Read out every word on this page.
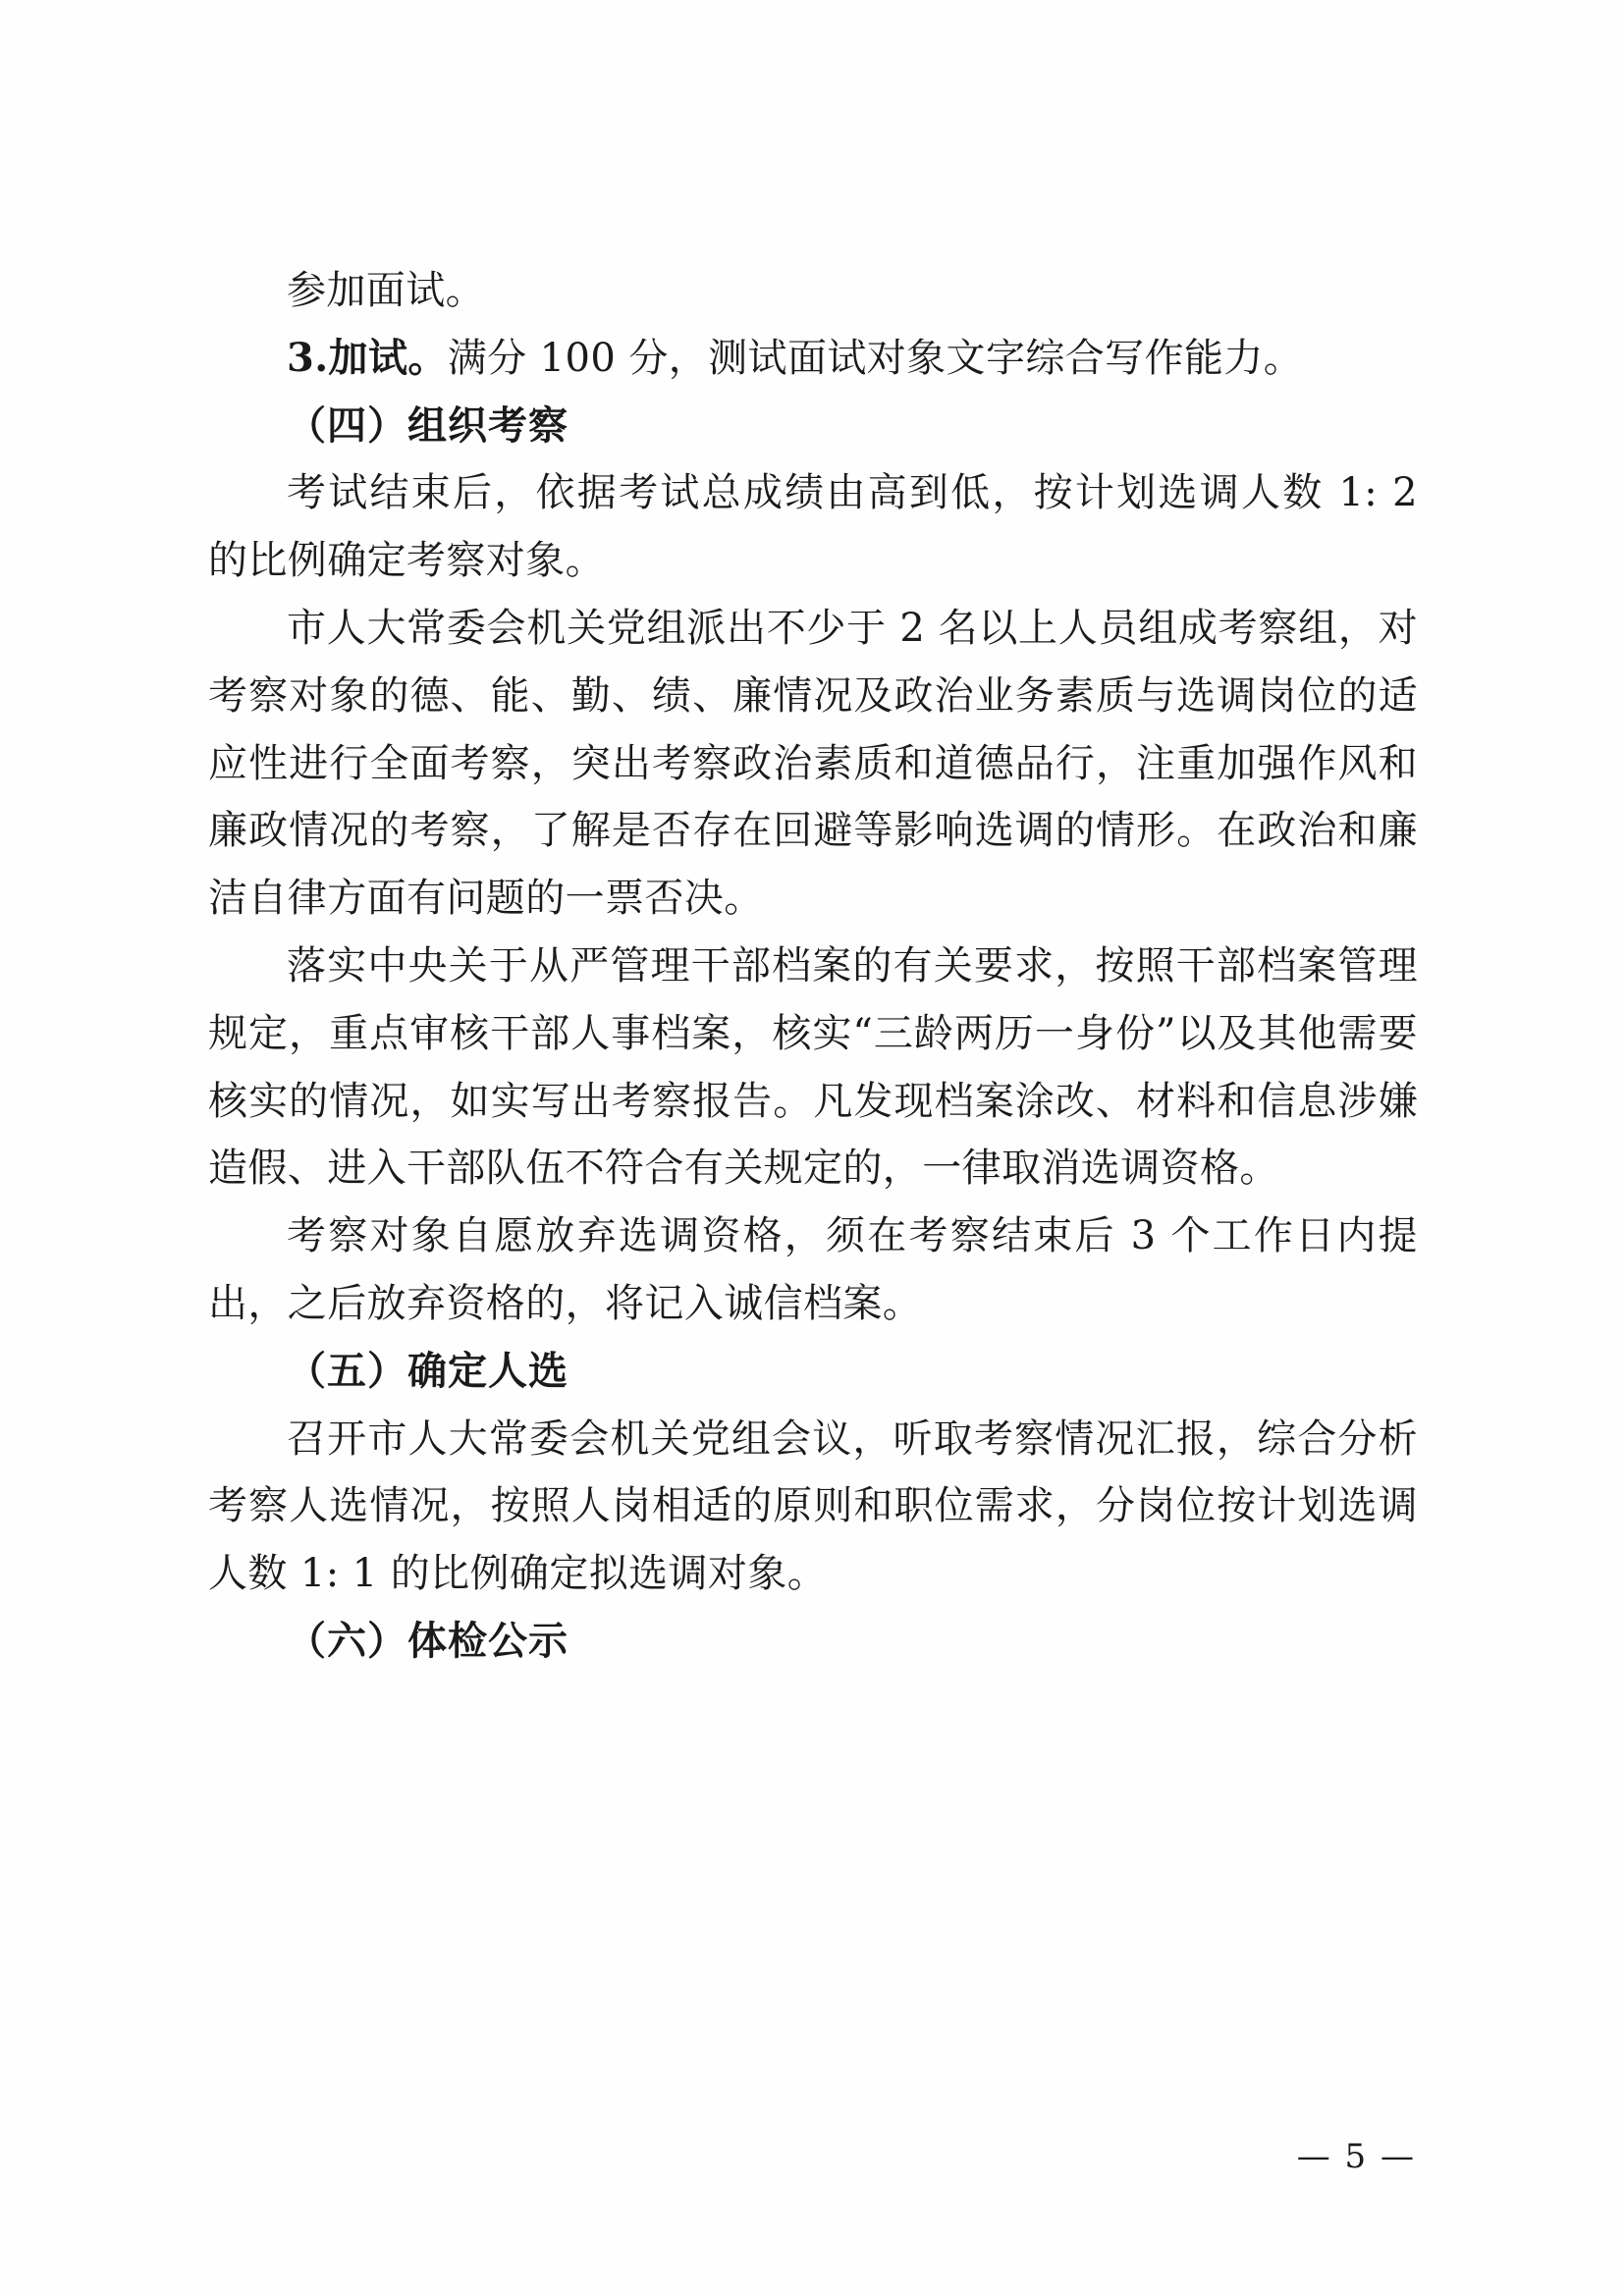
参加面试。

3.加试。满分 100 分，测试面试对象文字综合写作能力。

（四）组织考察

考试结束后，依据考试总成绩由高到低，按计划选调人数 1: 2 的比例确定考察对象。

市人大常委会机关党组派出不少于 2 名以上人员组成考察组，对考察对象的德、能、勤、绩、廉情况及政治业务素质与选调岗位的适应性进行全面考察，突出考察政治素质和道德品行，注重加强作风和廉政情况的考察，了解是否存在回避等影响选调的情形。在政治和廉洁自律方面有问题的一票否决。

落实中央关于从严管理干部档案的有关要求，按照干部档案管理规定，重点审核干部人事档案，核实“三龄两历一身份”以及其他需要核实的情况，如实写出考察报告。凡发现档案涂改、材料和信息涉嫌造假、进入干部队伍不符合有关规定的，一律取消选调资格。

考察对象自愿放弃选调资格，须在考察结束后 3 个工作日内提出，之后放弃资格的，将记入诚信档案。

（五）确定人选

召开市人大常委会机关党组会议，听取考察情况汇报，综合分析考察人选情况，按照人岗相适的原则和职位需求，分岗位按计划选调人数 1: 1 的比例确定拟选调对象。

（六）体检公示

— 5 —
